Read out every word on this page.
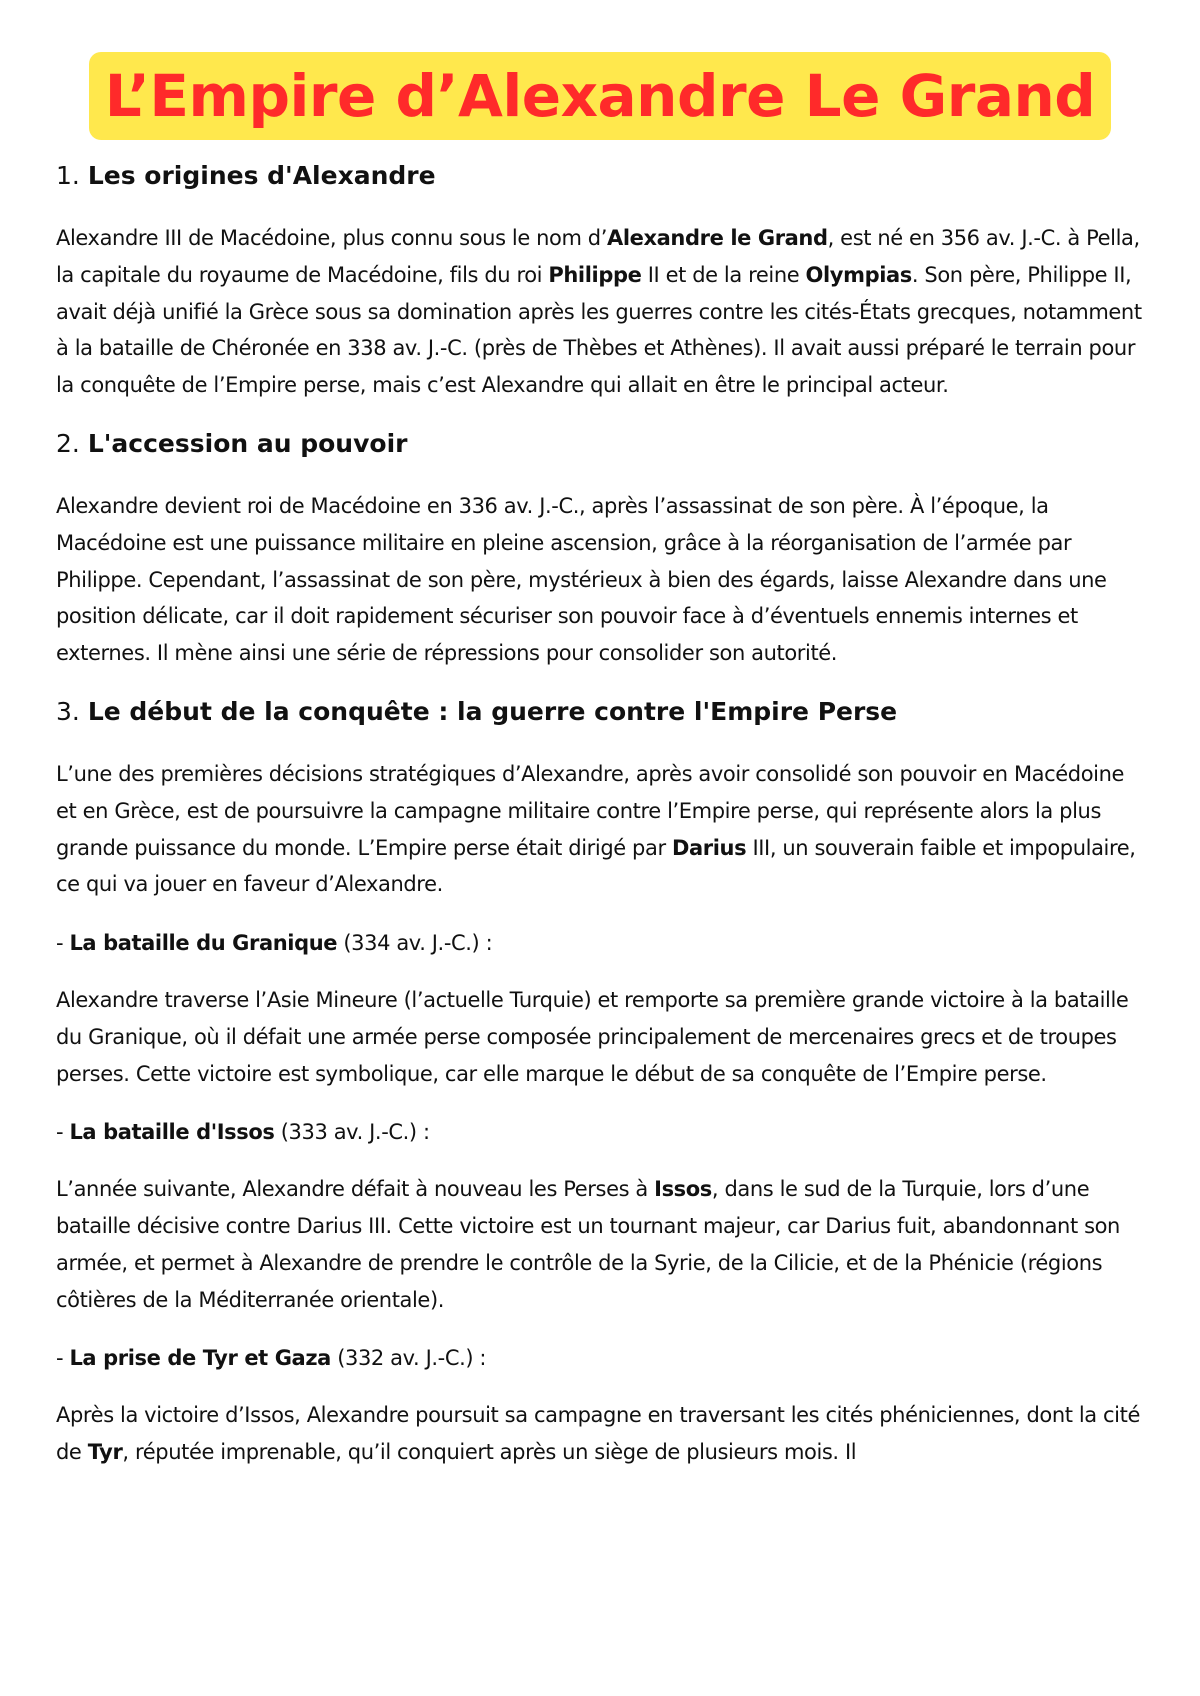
L’Empire d’Alexandre Le Grand
1. Les origines d'Alexandre

Alexandre III de Macédoine, plus connu sous le nom d’Alexandre le Grand, est né en 356 av. J.-C. à Pella, la capitale du royaume de Macédoine, fils du roi Philippe II et de la reine Olympias. Son père, Philippe II, avait déjà unifié la Grèce sous sa domination après les guerres contre les cités-États grecques, notamment à la bataille de Chéronée en 338 av. J.-C. (près de Thèbes et Athènes). Il avait aussi préparé le terrain pour la conquête de l’Empire perse, mais c’est Alexandre qui allait en être le principal acteur.

2. L'accession au pouvoir

Alexandre devient roi de Macédoine en 336 av. J.-C., après l’assassinat de son père. À l’époque, la Macédoine est une puissance militaire en pleine ascension, grâce à la réorganisation de l’armée par Philippe. Cependant, l’assassinat de son père, mystérieux à bien des égards, laisse Alexandre dans une position délicate, car il doit rapidement sécuriser son pouvoir face à d’éventuels ennemis internes et externes. Il mène ainsi une série de répressions pour consolider son autorité.

3. Le début de la conquête : la guerre contre l'Empire Perse

L’une des premières décisions stratégiques d’Alexandre, après avoir consolidé son pouvoir en Macédoine et en Grèce, est de poursuivre la campagne militaire contre l’Empire perse, qui représente alors la plus grande puissance du monde. L’Empire perse était dirigé par Darius III, un souverain faible et impopulaire, ce qui va jouer en faveur d’Alexandre.

- La bataille du Granique (334 av. J.-C.) :

Alexandre traverse l’Asie Mineure (l’actuelle Turquie) et remporte sa première grande victoire à la bataille du Granique, où il défait une armée perse composée principalement de mercenaires grecs et de troupes perses. Cette victoire est symbolique, car elle marque le début de sa conquête de l’Empire perse.

- La bataille d'Issos (333 av. J.-C.) :

L’année suivante, Alexandre défait à nouveau les Perses à Issos, dans le sud de la Turquie, lors d’une bataille décisive contre Darius III. Cette victoire est un tournant majeur, car Darius fuit, abandonnant son armée, et permet à Alexandre de prendre le contrôle de la Syrie, de la Cilicie, et de la Phénicie (régions côtières de la Méditerranée orientale).

- La prise de Tyr et Gaza (332 av. J.-C.) :

Après la victoire d’Issos, Alexandre poursuit sa campagne en traversant les cités phéniciennes, dont la cité de Tyr, réputée imprenable, qu’il conquiert après un siège de plusieurs mois. Il
